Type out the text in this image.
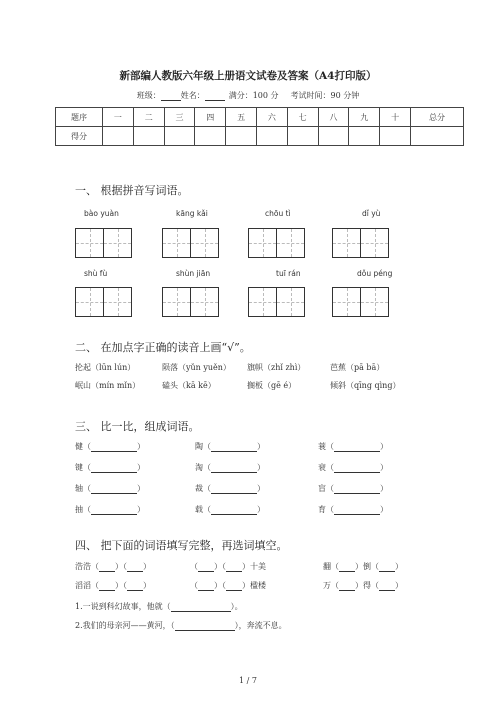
新部编人教版六年级上册语文试卷及答案（A4打印版）
班级：	姓名：	满分：100 分 考试时间：90 分钟
题序	一	二	三	四	五	六	七	八	九	十	总分
得分											
一、 根据拼音写词语。
bào yuàn	kāng kǎi	chōu tì	dǐ yù
shù fù	shùn jiān	tuī rán	dǒu péng
二、 在加点字正确的读音上画“√”。
抡起（lūn lún）	陨落（yǔn yuěn） 旗帜（zhǐ zhì）	芭蕉（pā bā）
岷山（mín mǐn）	磕头（kā kē）	搁板（gē é）	倾斜（qīng qìng）
三、 比一比，组成词语。
健（	）	陶（	）	蓑（	）
键（	）	淘（	）	衰（	）
轴（	）	裁（	）	盲（	）
抽（	）	载（	）	育（	）
四、 把下面的词语填写完整，再选词填空。
浩浩（ ）（ ）	（ ）（ ）十美	翻（ ）倒（ ）
滔滔（ ）（ ）	（ ）（ ）楹楼	万（ ）得（ ）
1.一说到科幻故事，他就（	）。
2.我们的母亲河——黄河，（	），奔流不息。
1 / 7
